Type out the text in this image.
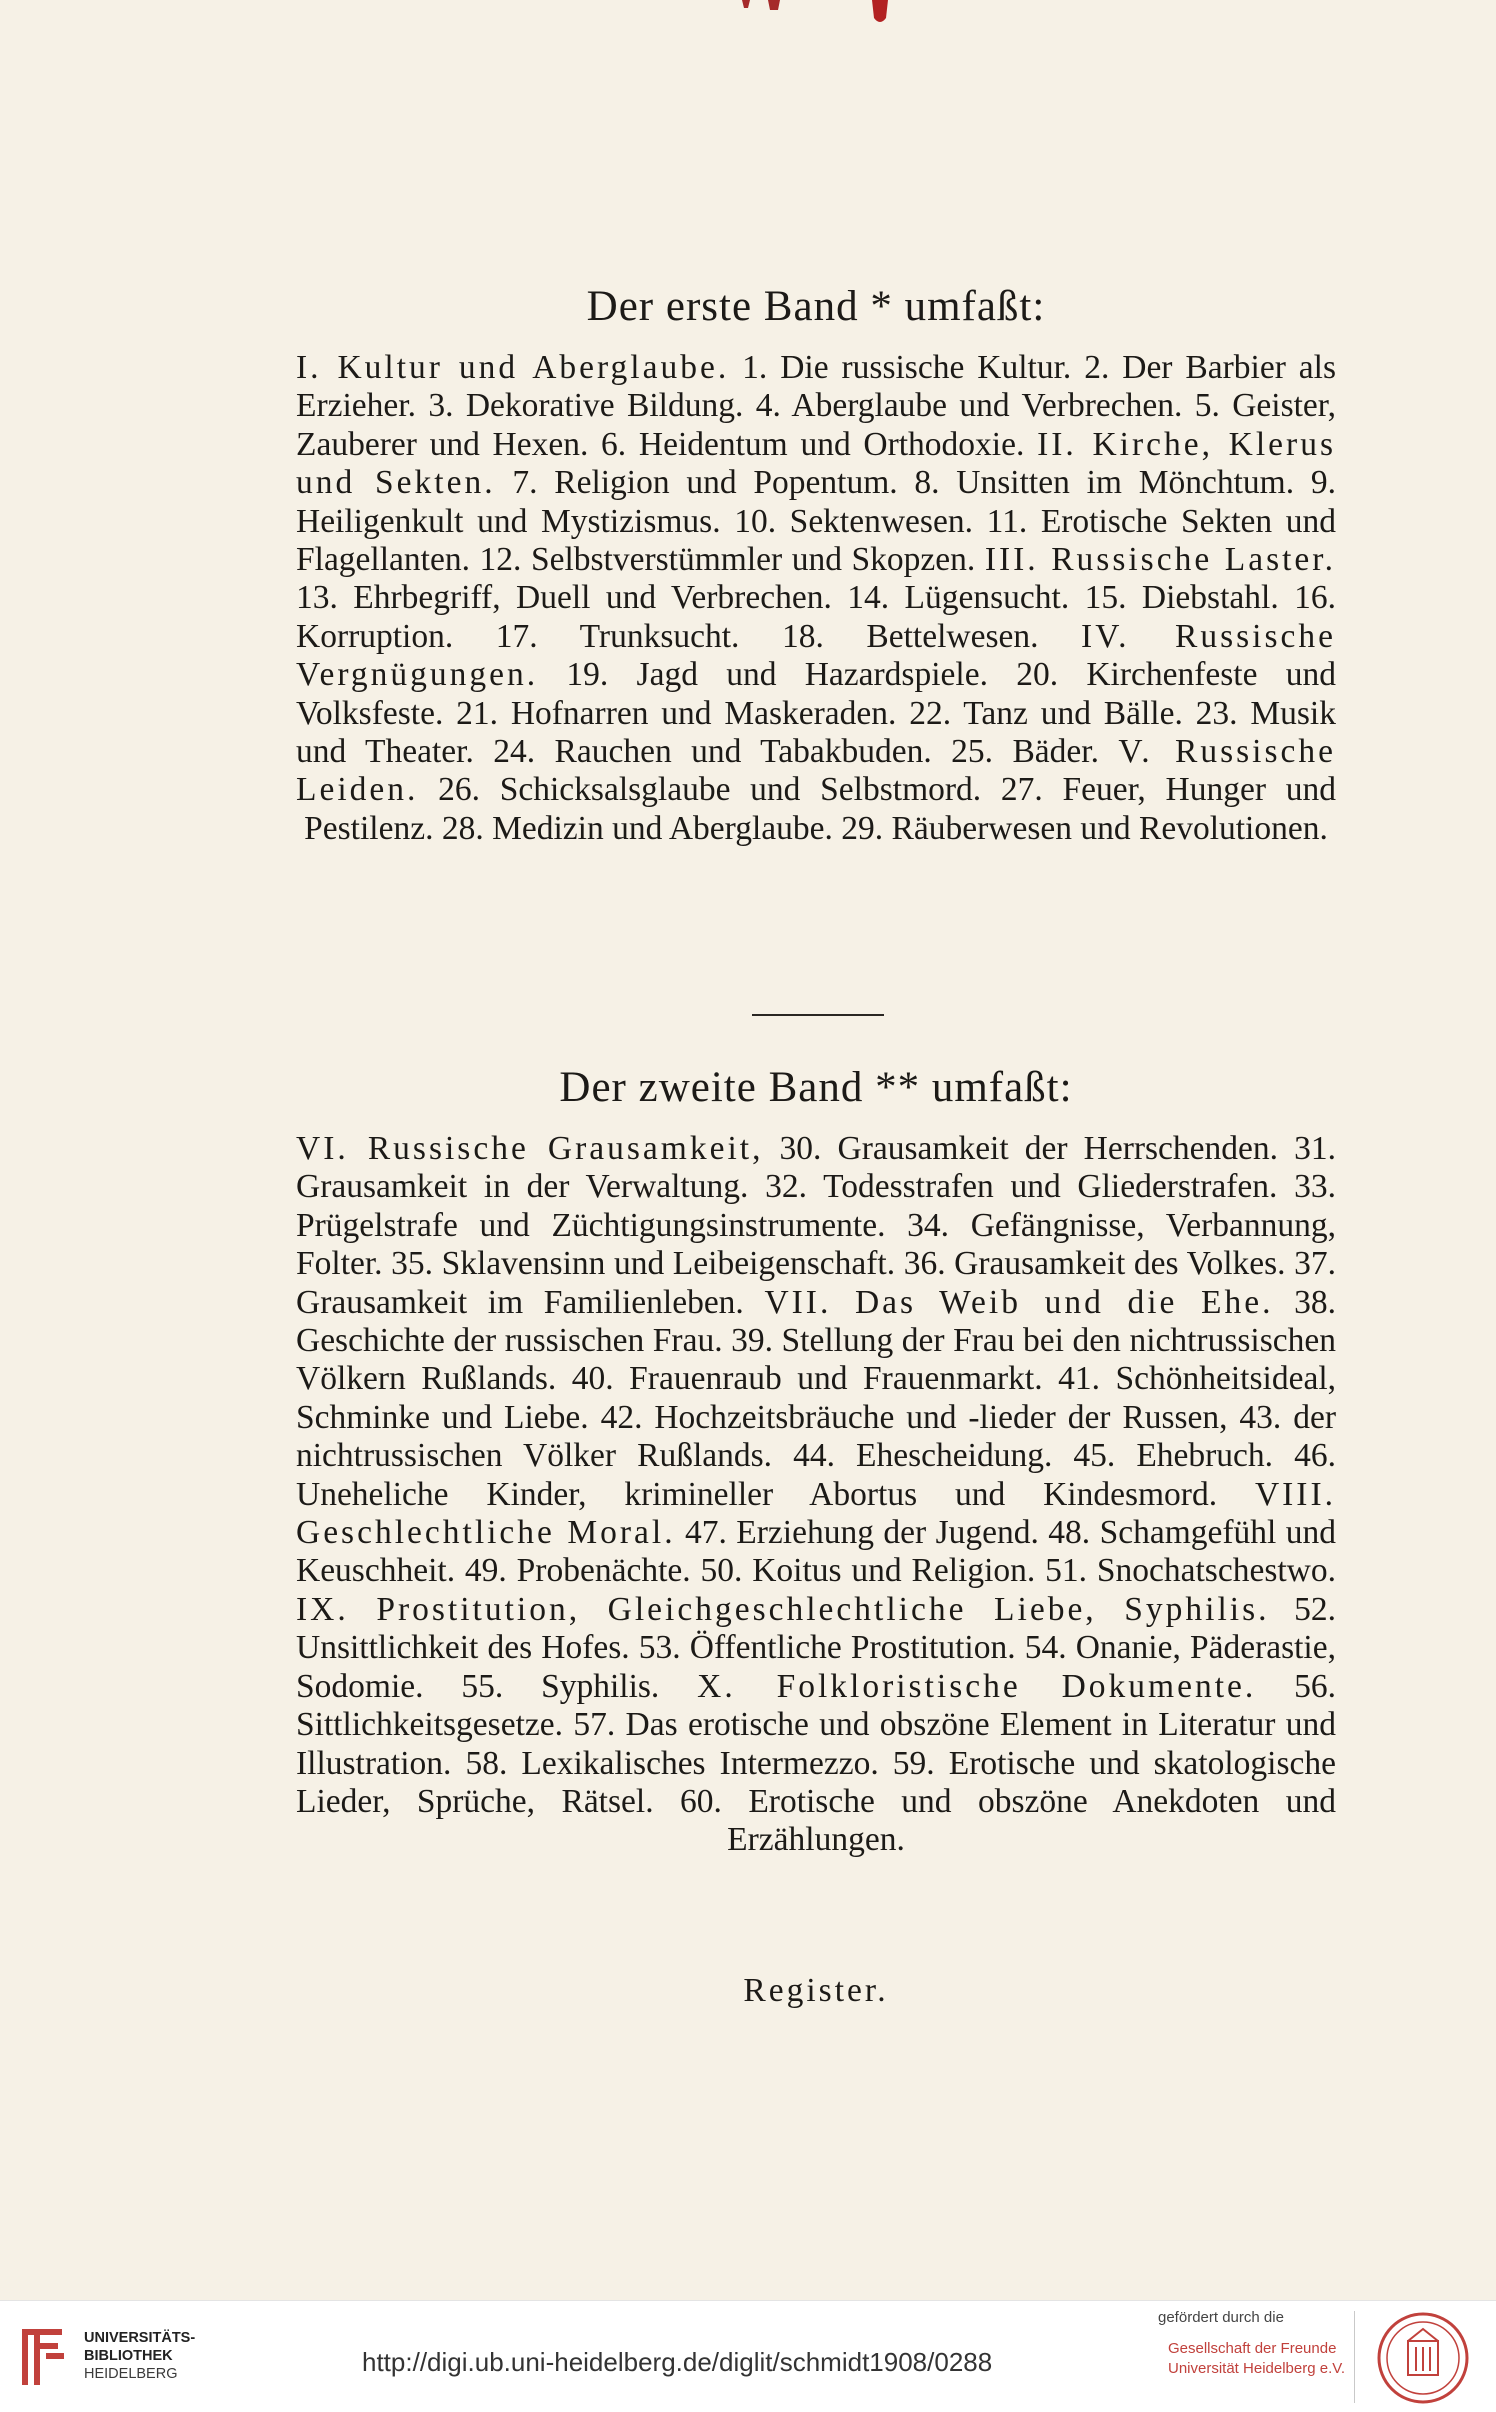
Der erste Band * umfaßt:

I. Kultur und Aberglaube. 1. Die russische Kultur. 2. Der Barbier als Erzieher. 3. Dekorative Bildung. 4. Aberglaube und Verbrechen. 5. Geister, Zauberer und Hexen. 6. Heidentum und Orthodoxie. II. Kirche, Klerus und Sekten. 7. Religion und Popentum. 8. Unsitten im Mönchtum. 9. Heiligenkult und Mystizismus. 10. Sektenwesen. 11. Erotische Sekten und Flagellanten. 12. Selbstverstümmler und Skopzen. III. Russische Laster. 13. Ehrbegriff, Duell und Verbrechen. 14. Lügensucht. 15. Diebstahl. 16. Korruption. 17. Trunksucht. 18. Bettelwesen. IV. Russische Vergnügungen. 19. Jagd und Hazardspiele. 20. Kirchenfeste und Volksfeste. 21. Hofnarren und Maskeraden. 22. Tanz und Bälle. 23. Musik und Theater. 24. Rauchen und Tabakbuden. 25. Bäder. V. Russische Leiden. 26. Schicksalsglaube und Selbstmord. 27. Feuer, Hunger und Pestilenz. 28. Medizin und Aberglaube. 29. Räuberwesen und Revolutionen.

Der zweite Band ** umfaßt:

VI. Russische Grausamkeit, 30. Grausamkeit der Herrschenden. 31. Grausamkeit in der Verwaltung. 32. Todesstrafen und Gliederstrafen. 33. Prügelstrafe und Züchtigungsinstrumente. 34. Gefängnisse, Verbannung, Folter. 35. Sklavensinn und Leibeigenschaft. 36. Grausamkeit des Volkes. 37. Grausamkeit im Familienleben. VII. Das Weib und die Ehe. 38. Geschichte der russischen Frau. 39. Stellung der Frau bei den nichtrussischen Völkern Rußlands. 40. Frauenraub und Frauenmarkt. 41. Schönheitsideal, Schminke und Liebe. 42. Hochzeitsbräuche und -lieder der Russen, 43. der nichtrussischen Völker Rußlands. 44. Ehescheidung. 45. Ehebruch. 46. Uneheliche Kinder, krimineller Abortus und Kindesmord. VIII. Geschlechtliche Moral. 47. Erziehung der Jugend. 48. Schamgefühl und Keuschheit. 49. Probenächte. 50. Koitus und Religion. 51. Snochatschestwo. IX. Prostitution, Gleichgeschlechtliche Liebe, Syphilis. 52. Unsittlichkeit des Hofes. 53. Öffentliche Prostitution. 54. Onanie, Päderastie, Sodomie. 55. Syphilis. X. Folkloristische Dokumente. 56. Sittlichkeitsgesetze. 57. Das erotische und obszöne Element in Literatur und Illustration. 58. Lexikalisches Intermezzo. 59. Erotische und skatologische Lieder, Sprüche, Rätsel. 60. Erotische und obszöne Anekdoten und Erzählungen.

Register.
UNIVERSITÄTS-
BIBLIOTHEK
HEIDELBERG	http://digi.ub.uni-heidelberg.de/diglit/schmidt1908/0288
gefördert durch die
Gesellschaft der Freunde
Universität Heidelberg e.V.
